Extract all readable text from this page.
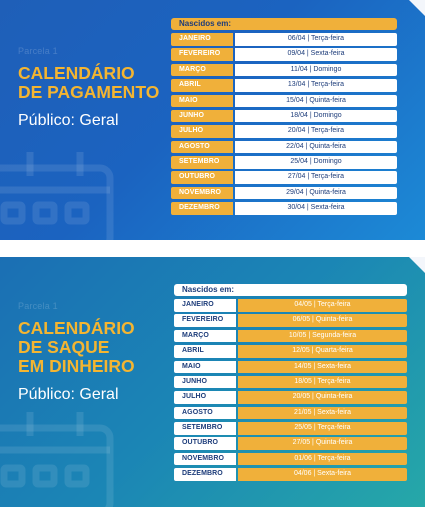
Parcela 1
CALENDÁRIO
DE PAGAMENTO
Público: Geral
Nascidos em:
JANEIRO	06/04 | Terça-feira
FEVEREIRO	09/04 | Sexta-feira
MARÇO	11/04 | Domingo
ABRIL	13/04 | Terça-feira
MAIO	15/04 | Quinta-feira
JUNHO	18/04 | Domingo
JULHO	20/04 | Terça-feira
AGOSTO	22/04 | Quinta-feira
SETEMBRO	25/04 | Domingo
OUTUBRO	27/04 | Terça-feira
NOVEMBRO	29/04 | Quinta-feira
DEZEMBRO	30/04 | Sexta-feira
Parcela 1
CALENDÁRIO
DE SAQUE
EM DINHEIRO
Público: Geral
Nascidos em:
JANEIRO	04/05 | Terça-feira
FEVEREIRO	06/05 | Quinta-feira
MARÇO	10/05 | Segunda-feira
ABRIL	12/05 | Quarta-feira
MAIO	14/05 | Sexta-feira
JUNHO	18/05 | Terça-feira
JULHO	20/05 | Quinta-feira
AGOSTO	21/05 | Sexta-feira
SETEMBRO	25/05 | Terça-feira
OUTUBRO	27/05 | Quinta-feira
NOVEMBRO	01/06 | Terça-feira
DEZEMBRO	04/06 | Sexta-feira
